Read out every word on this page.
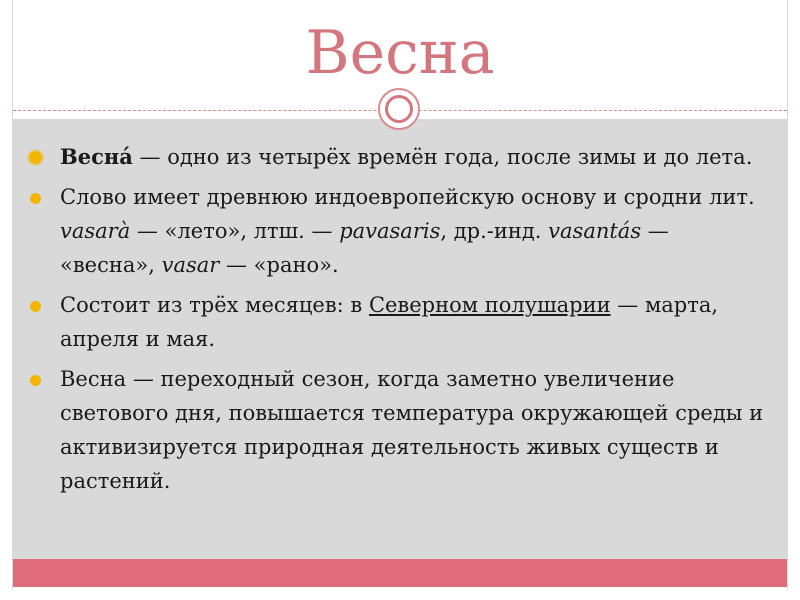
Весна
Весна́ — одно из четырёх времён года, после зимы и до лета.
Слово имеет древнюю индоевропейскую основу и сродни лит. vasarà — «лето», лтш. — pavasaris, др.-инд. vasantás — «весна», vasar — «рано».
Состоит из трёх месяцев: в Северном полушарии — марта, апреля и мая.
Весна — переходный сезон, когда заметно увеличение светового дня, повышается температура окружающей среды и активизируется природная деятельность живых существ и растений.
